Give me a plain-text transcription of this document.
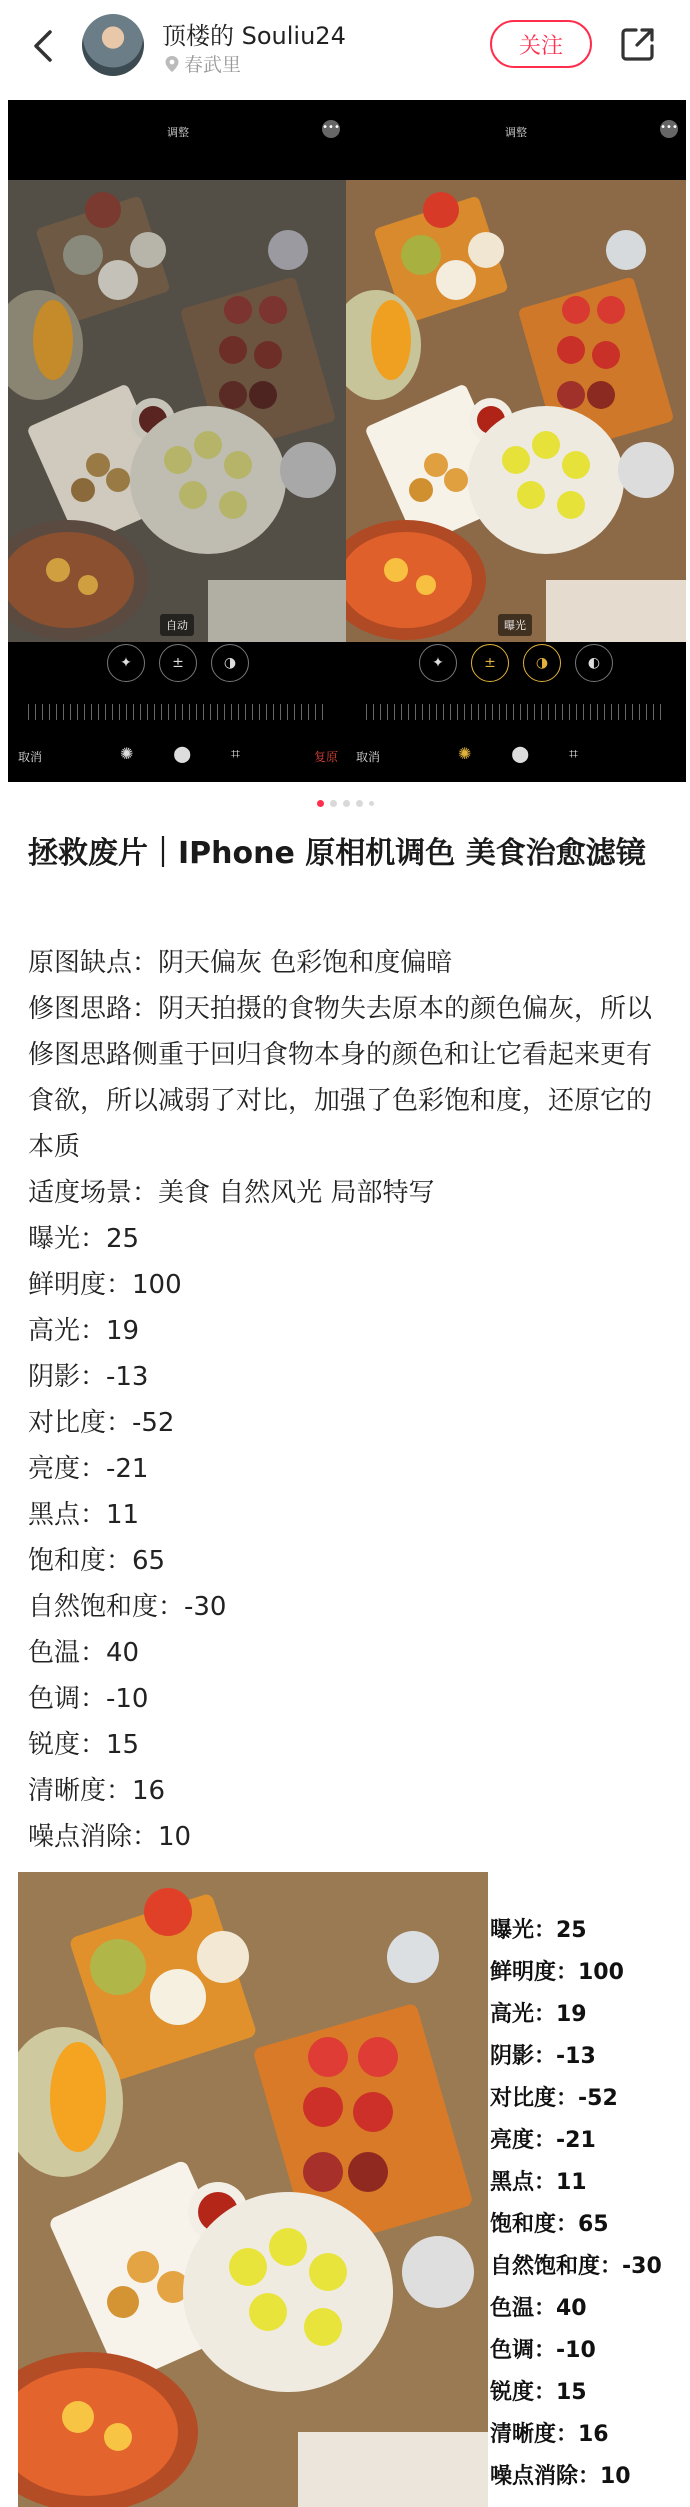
顶楼的 Souliu24
春武里
关注
调整	•••
自动
✦	±	◑
取消	✺ ⬤ ⌗	复原
调整	•••
曝光
✦	±	◑	◐
取消	✺ ⬤ ⌗
拯救废片｜IPhone 原相机调色 美食治愈滤镜

原图缺点：阴天偏灰 色彩饱和度偏暗

修图思路：阴天拍摄的食物失去原本的颜色偏灰，所以修图思路侧重于回归食物本身的颜色和让它看起来更有食欲，所以减弱了对比，加强了色彩饱和度，还原它的本质

适度场景：美食 自然风光 局部特写

曝光：25

鲜明度：100

高光：19

阴影：-13

对比度：-52

亮度：-21

黑点：11

饱和度：65

自然饱和度：-30

色温：40

色调：-10

锐度：15

清晰度：16

噪点消除：10

曝光：25
鲜明度：100
高光：19
阴影：-13
对比度：-52
亮度：-21
黑点：11
饱和度：65
自然饱和度：-30
色温：40
色调：-10
锐度：15
清晰度：16
噪点消除：10
